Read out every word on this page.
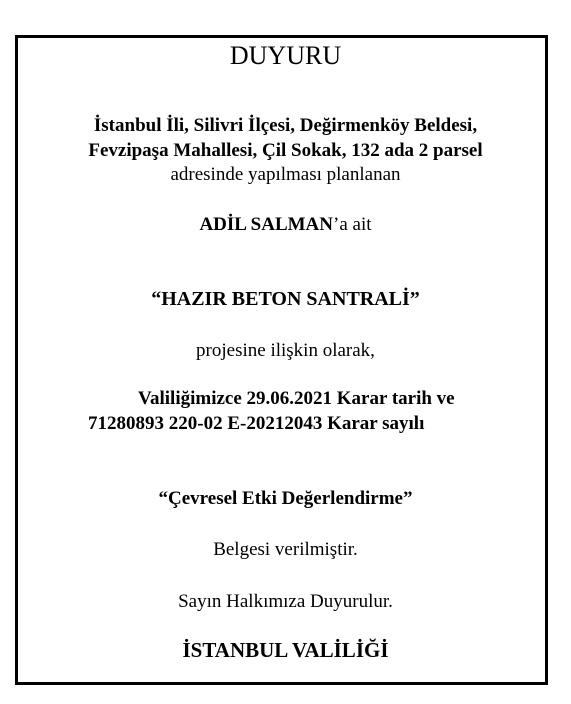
DUYURU
İstanbul İli, Silivri İlçesi, Değirmenköy Beldesi,
Fevzipaşa Mahallesi, Çil Sokak, 132 ada 2 parsel
adresinde yapılması planlanan
ADİL SALMAN’a ait
“HAZIR BETON SANTRALİ”
projesine ilişkin olarak,
Valiliğimizce 29.06.2021 Karar tarih ve
71280893 220-02 E-20212043 Karar sayılı
“Çevresel Etki Değerlendirme”
Belgesi verilmiştir.
Sayın Halkımıza Duyurulur.
İSTANBUL VALİLİĞİ
